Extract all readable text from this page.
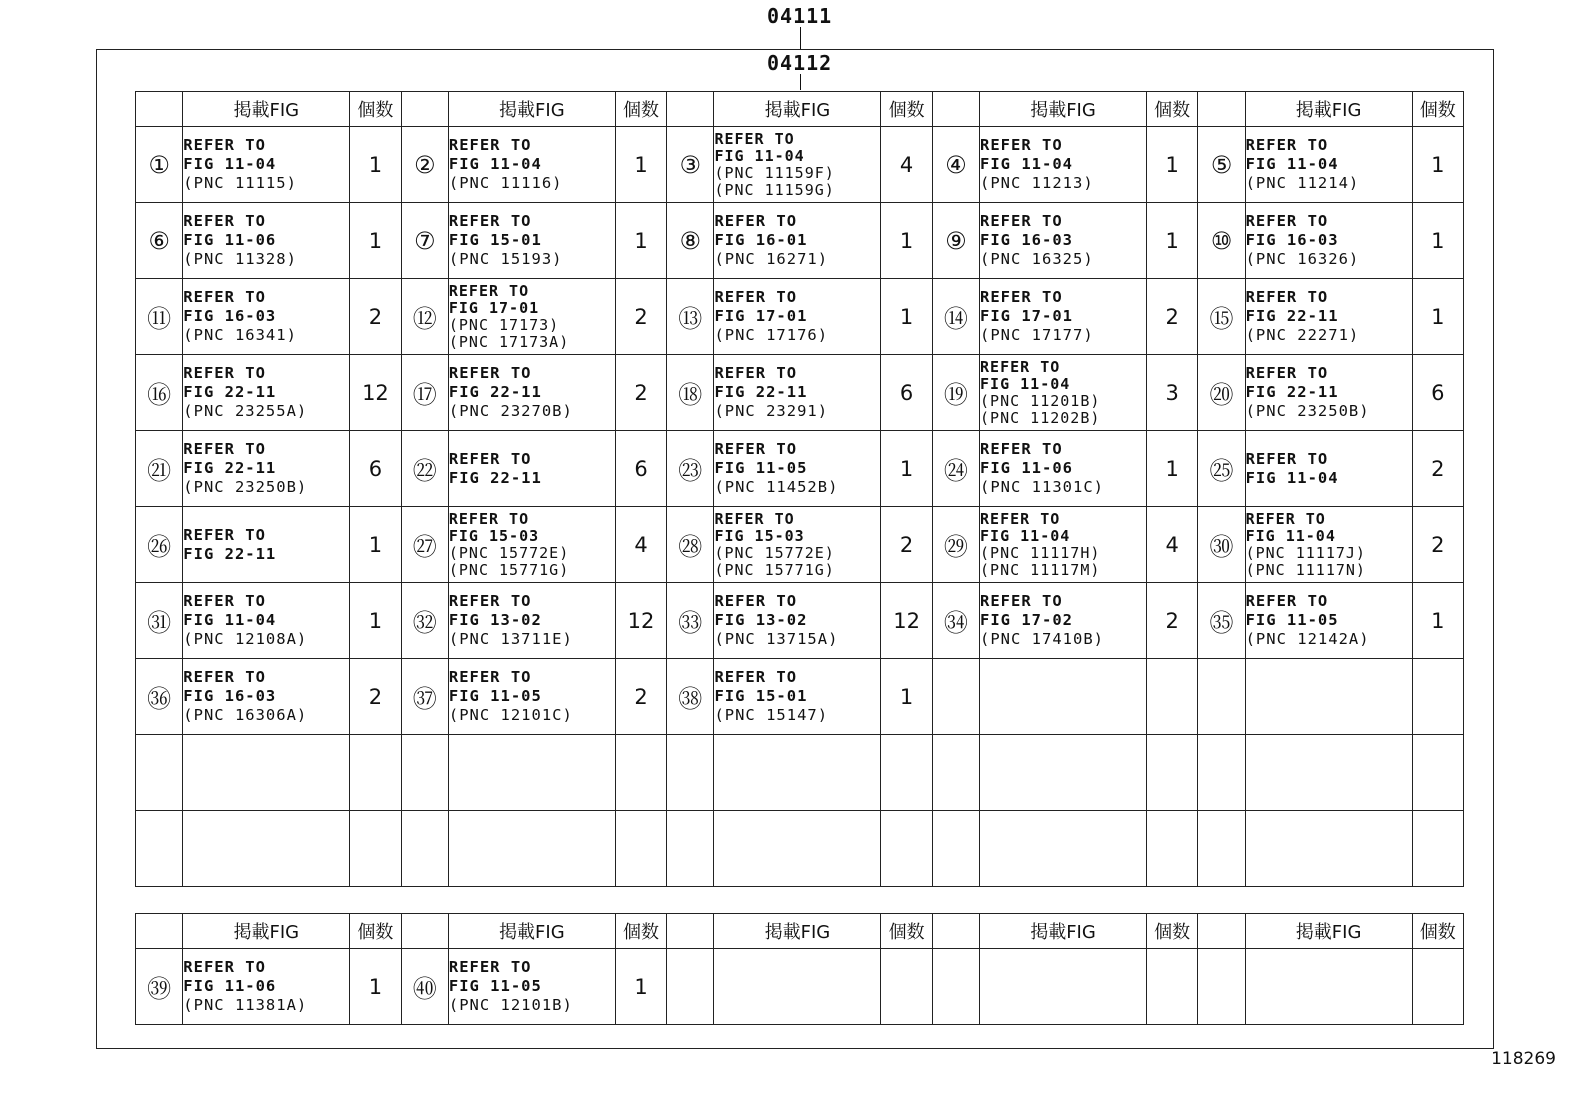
04111
04112
	掲載FIG	個数		掲載FIG	個数		掲載FIG	個数		掲載FIG	個数		掲載FIG	個数
①	REFER TO
FIG 11-04
(PNC 11115)	1	②	REFER TO
FIG 11-04
(PNC 11116)	1	③	REFER TO
FIG 11-04
(PNC 11159F)
(PNC 11159G)	4	④	REFER TO
FIG 11-04
(PNC 11213)	1	⑤	REFER TO
FIG 11-04
(PNC 11214)	1
⑥	REFER TO
FIG 11-06
(PNC 11328)	1	⑦	REFER TO
FIG 15-01
(PNC 15193)	1	⑧	REFER TO
FIG 16-01
(PNC 16271)	1	⑨	REFER TO
FIG 16-03
(PNC 16325)	1	⑩	REFER TO
FIG 16-03
(PNC 16326)	1
⑪	REFER TO
FIG 16-03
(PNC 16341)	2	⑫	REFER TO
FIG 17-01
(PNC 17173)
(PNC 17173A)	2	⑬	REFER TO
FIG 17-01
(PNC 17176)	1	⑭	REFER TO
FIG 17-01
(PNC 17177)	2	⑮	REFER TO
FIG 22-11
(PNC 22271)	1
⑯	REFER TO
FIG 22-11
(PNC 23255A)	12	⑰	REFER TO
FIG 22-11
(PNC 23270B)	2	⑱	REFER TO
FIG 22-11
(PNC 23291)	6	⑲	REFER TO
FIG 11-04
(PNC 11201B)
(PNC 11202B)	3	⑳	REFER TO
FIG 22-11
(PNC 23250B)	6
㉑	REFER TO
FIG 22-11
(PNC 23250B)	6	㉒	REFER TO
FIG 22-11	6	㉓	REFER TO
FIG 11-05
(PNC 11452B)	1	㉔	REFER TO
FIG 11-06
(PNC 11301C)	1	㉕	REFER TO
FIG 11-04	2
㉖	REFER TO
FIG 22-11	1	㉗	REFER TO
FIG 15-03
(PNC 15772E)
(PNC 15771G)	4	㉘	REFER TO
FIG 15-03
(PNC 15772E)
(PNC 15771G)	2	㉙	REFER TO
FIG 11-04
(PNC 11117H)
(PNC 11117M)	4	㉚	REFER TO
FIG 11-04
(PNC 11117J)
(PNC 11117N)	2
㉛	REFER TO
FIG 11-04
(PNC 12108A)	1	㉜	REFER TO
FIG 13-02
(PNC 13711E)	12	㉝	REFER TO
FIG 13-02
(PNC 13715A)	12	㉞	REFER TO
FIG 17-02
(PNC 17410B)	2	㉟	REFER TO
FIG 11-05
(PNC 12142A)	1
㊱	REFER TO
FIG 16-03
(PNC 16306A)	2	㊲	REFER TO
FIG 11-05
(PNC 12101C)	2	㊳	REFER TO
FIG 15-01
(PNC 15147)	1						

	掲載FIG	個数		掲載FIG	個数		掲載FIG	個数		掲載FIG	個数		掲載FIG	個数
㊴	REFER TO
FIG 11-06
(PNC 11381A)	1	㊵	REFER TO
FIG 11-05
(PNC 12101B)	1									
118269
